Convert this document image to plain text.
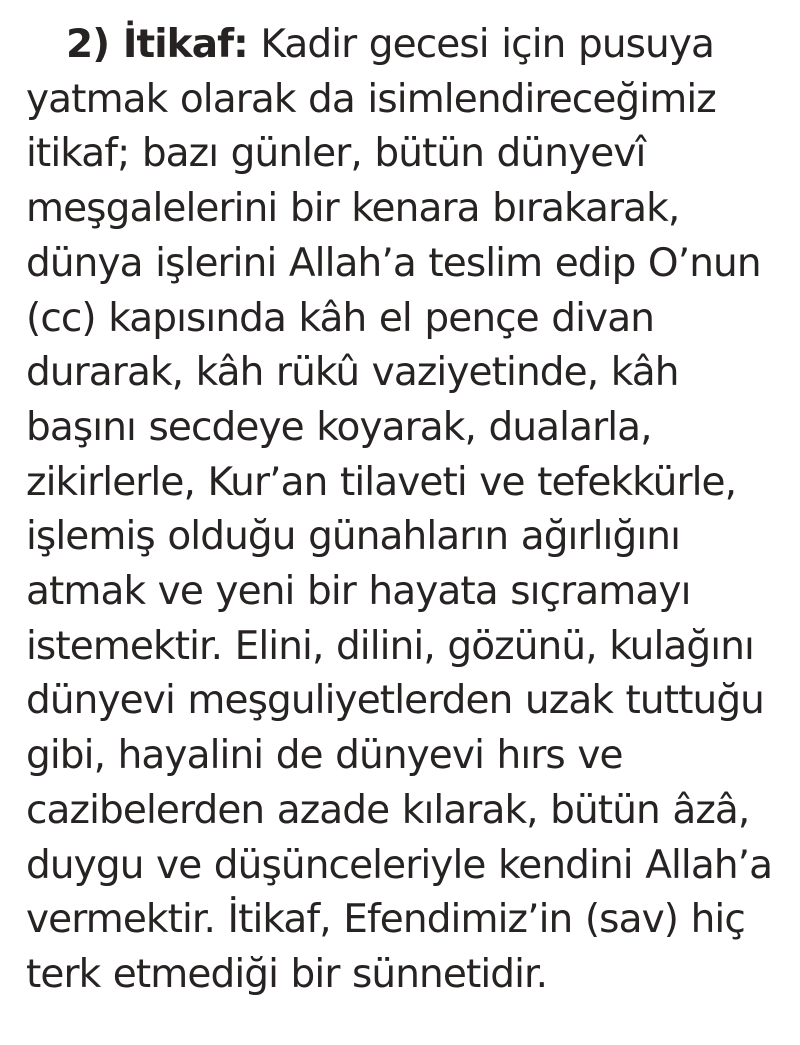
2) İtikaf: Kadir gecesi için pusuya
yatmak olarak da isimlendireceğimiz
itikaf; bazı günler, bütün dünyevî
meşgalelerini bir kenara bırakarak,
dünya işlerini Allah’a teslim edip O’nun
(cc) kapısında kâh el pençe divan
durarak, kâh rükû vaziyetinde, kâh
başını secdeye koyarak, dualarla,
zikirlerle, Kur’an tilaveti ve tefekkürle,
işlemiş olduğu günahların ağırlığını
atmak ve yeni bir hayata sıçramayı
istemektir. Elini, dilini, gözünü, kulağını
dünyevi meşguliyetlerden uzak tuttuğu
gibi, hayalini de dünyevi hırs ve
cazibelerden azade kılarak, bütün âzâ,
duygu ve düşünceleriyle kendini Allah’a
vermektir. İtikaf, Efendimiz’in (sav) hiç
terk etmediği bir sünnetidir.
